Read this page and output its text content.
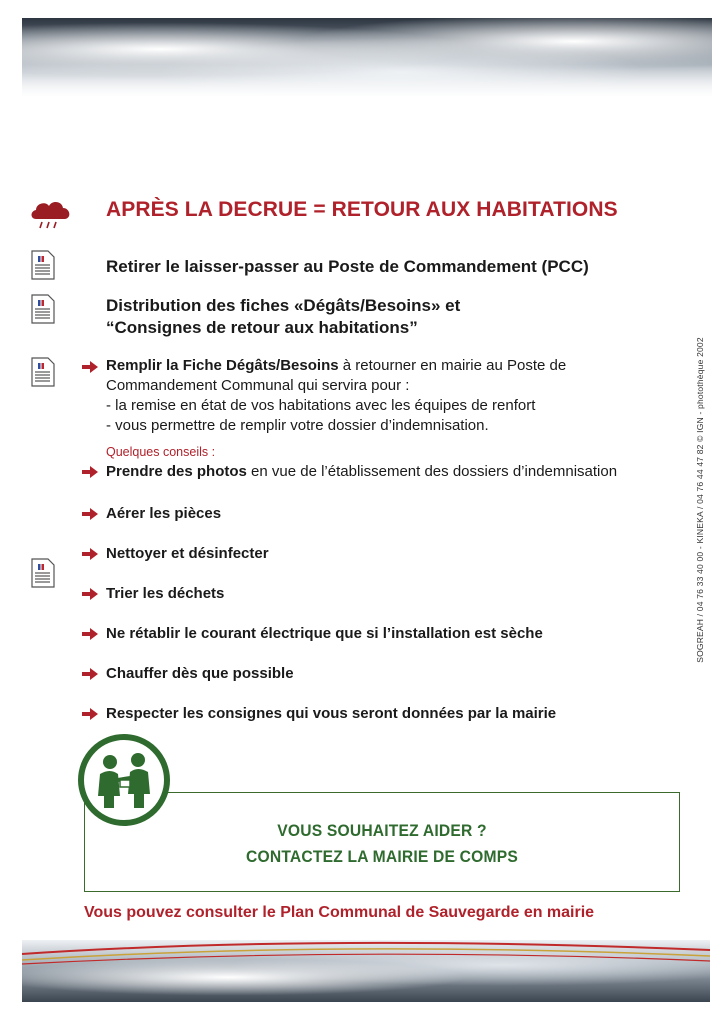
SOGREAH / 04 76 33 40 00 - KINEKA / 04 76 44 47 82 © IGN - photothèque 2002
APRÈS LA DECRUE = RETOUR AUX HABITATIONS
Retirer le laisser-passer au Poste de Commandement (PCC)
Distribution des fiches «Dégâts/Besoins» et
“Consignes de retour aux habitations”
Remplir la Fiche Dégâts/Besoins à retourner en mairie au Poste de
Commandement Communal qui servira pour :
- la remise en état de vos habitations avec les équipes de renfort
- vous permettre de remplir votre dossier d’indemnisation.
Quelques conseils :
Prendre des photos en vue de l’établissement des dossiers d’indemnisation
Aérer les pièces
Nettoyer et désinfecter
Trier les déchets
Ne rétablir le courant électrique que si l’installation est sèche
Chauffer dès que possible
Respecter les consignes qui vous seront données par la mairie
VOUS SOUHAITEZ AIDER ?
CONTACTEZ LA MAIRIE DE COMPS
Vous pouvez consulter le Plan Communal de Sauvegarde en mairie
